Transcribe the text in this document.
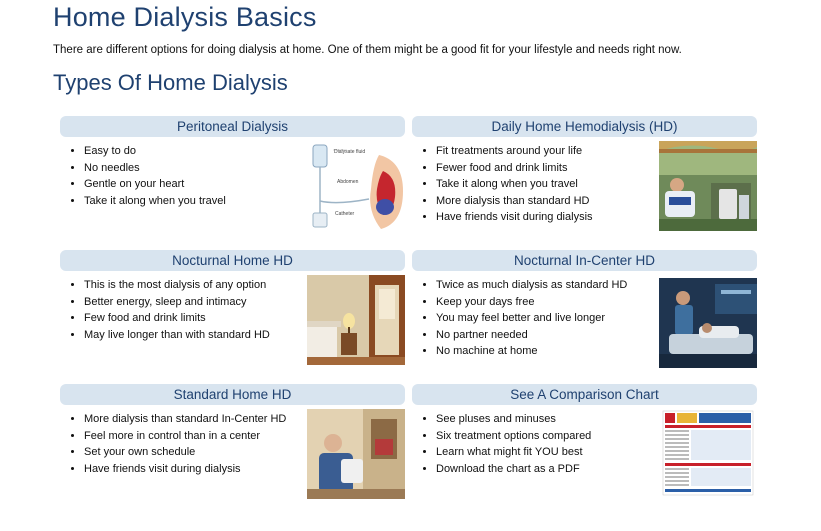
Home Dialysis Basics

There are different options for doing dialysis at home. One of them might be a good fit for your lifestyle and needs right now.

Types Of Home Dialysis
Peritoneal Dialysis
• Easy to do
• No needles
• Gentle on your heart
• Take it along when you travel
Dialysate fluid
Abdomen
Catheter
Daily Home Hemodialysis (HD)
• Fit treatments around your life
• Fewer food and drink limits
• Take it along when you travel
• More dialysis than standard HD
• Have friends visit during dialysis
Nocturnal Home HD
• This is the most dialysis of any option
• Better energy, sleep and intimacy
• Few food and drink limits
• May live longer than with standard HD
Nocturnal In-Center HD
• Twice as much dialysis as standard HD
• Keep your days free
• You may feel better and live longer
• No partner needed
• No machine at home
Standard Home HD
• More dialysis than standard In-Center HD
• Feel more in control than in a center
• Set your own schedule
• Have friends visit during dialysis
See A Comparison Chart
• See pluses and minuses
• Six treatment options compared
• Learn what might fit YOU best
• Download the chart as a PDF
